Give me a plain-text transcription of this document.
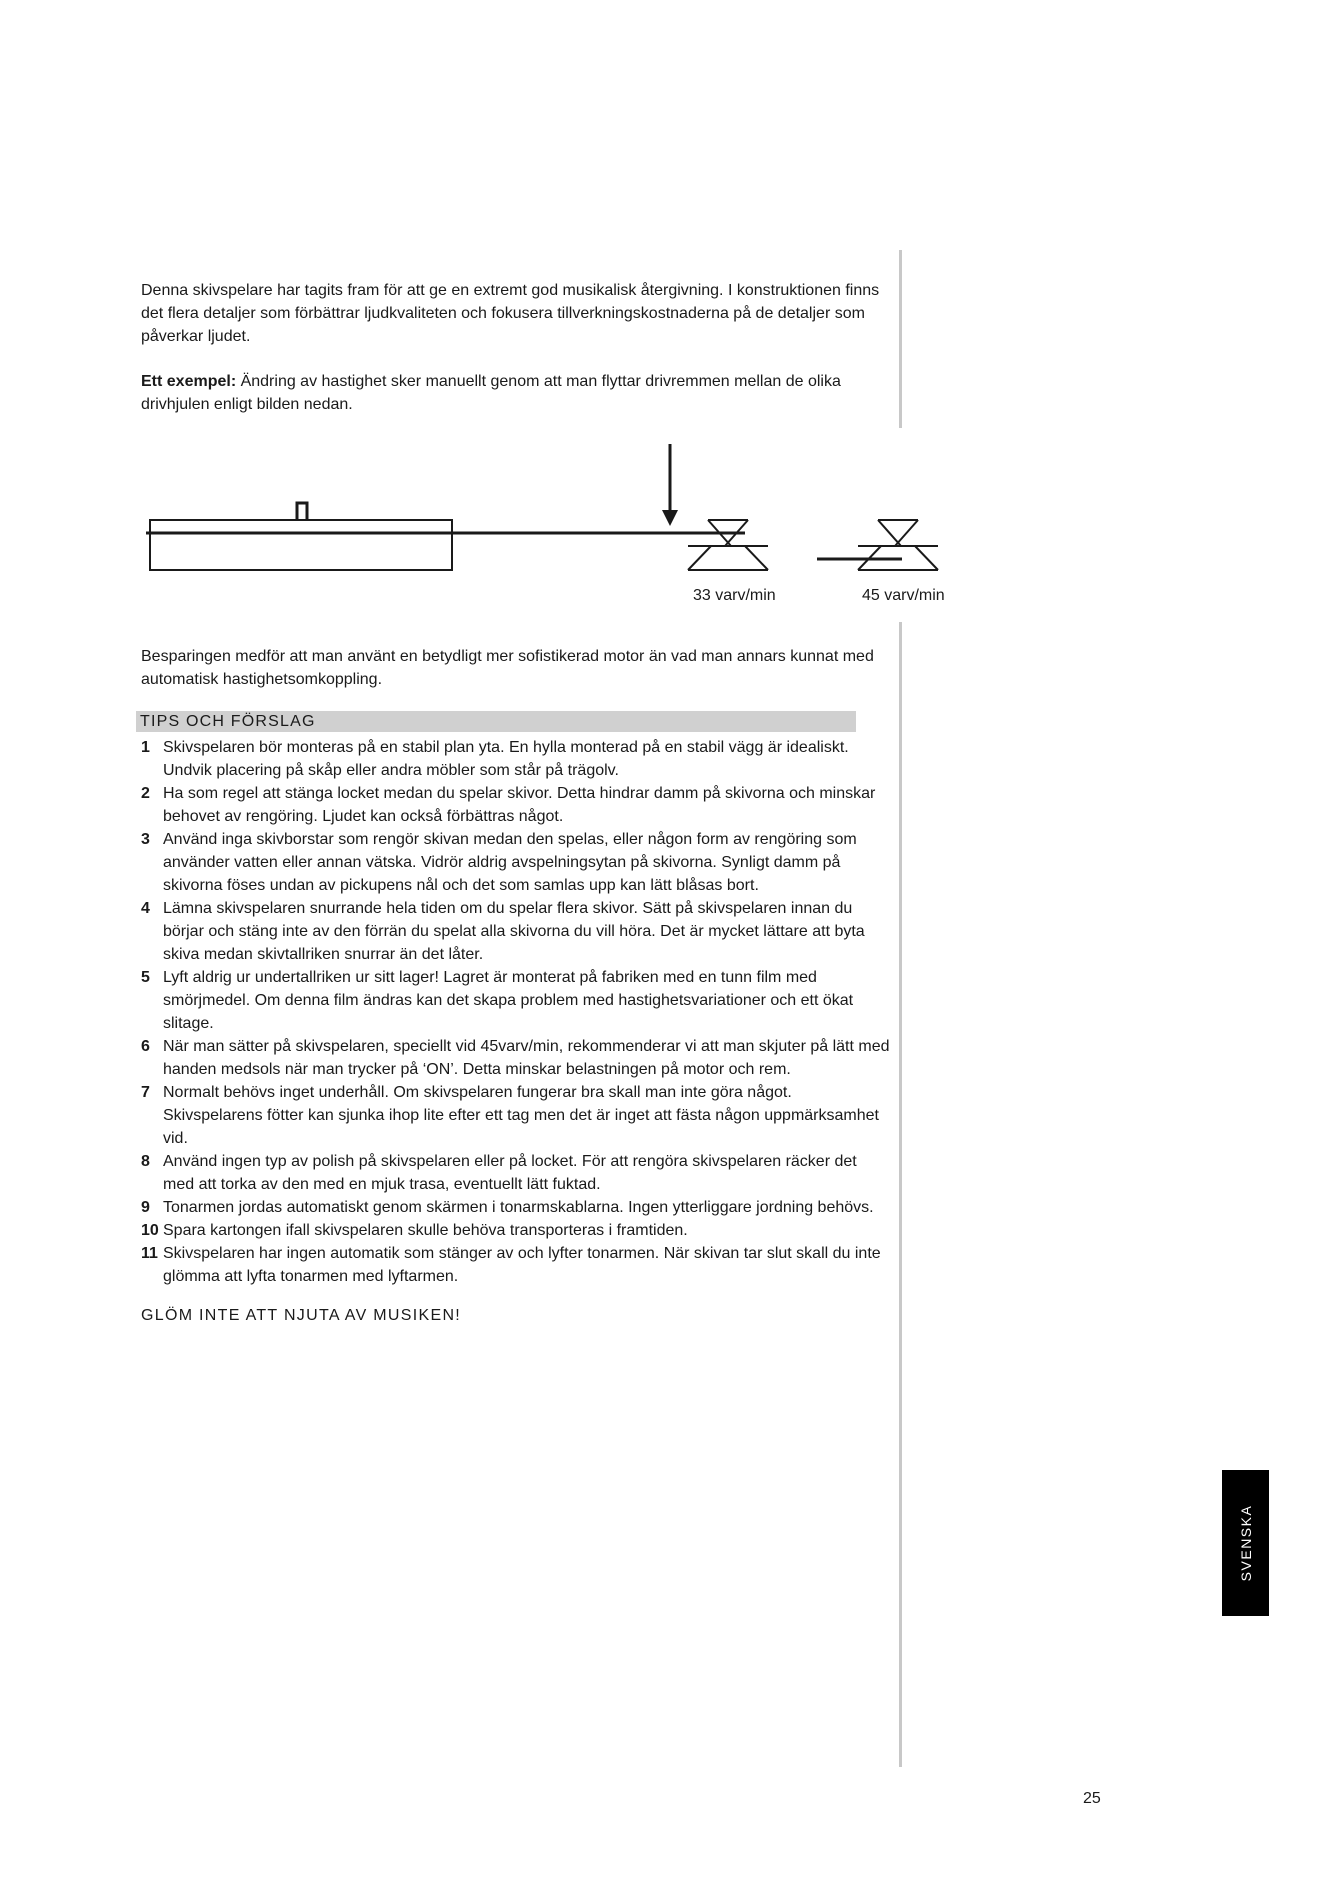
Denna skivspelare har tagits fram för att ge en extremt god musikalisk återgivning. I konstruktionen finns det flera detaljer som förbättrar ljudkvaliteten och fokusera tillverkningskostnaderna på de detaljer som påverkar ljudet.

Ett exempel: Ändring av hastighet sker manuellt genom att man flyttar drivremmen mellan de olika drivhjulen enligt bilden nedan.

33 varv/min	45 varv/min

Besparingen medför att man använt en betydligt mer sofistikerad motor än vad man annars kunnat med automatisk hastighetsomkoppling.

TIPS OCH FÖRSLAG
1 Skivspelaren bör monteras på en stabil plan yta. En hylla monterad på en stabil vägg är idealiskt. Undvik placering på skåp eller andra möbler som står på trägolv.
2 Ha som regel att stänga locket medan du spelar skivor. Detta hindrar damm på skivorna och minskar behovet av rengöring. Ljudet kan också förbättras något.
3 Använd inga skivborstar som rengör skivan medan den spelas, eller någon form av rengöring som använder vatten eller annan vätska. Vidrör aldrig avspelningsytan på skivorna. Synligt damm på skivorna föses undan av pickupens nål och det som samlas upp kan lätt blåsas bort.
4 Lämna skivspelaren snurrande hela tiden om du spelar flera skivor. Sätt på skivspelaren innan du börjar och stäng inte av den förrän du spelat alla skivorna du vill höra. Det är mycket lättare att byta skiva medan skivtallriken snurrar än det låter.
5 Lyft aldrig ur undertallriken ur sitt lager! Lagret är monterat på fabriken med en tunn film med smörjmedel. Om denna film ändras kan det skapa problem med hastighetsvariationer och ett ökat slitage.
6 När man sätter på skivspelaren, speciellt vid 45varv/min, rekommenderar vi att man skjuter på lätt med handen medsols när man trycker på ‘ON’. Detta minskar belastningen på motor och rem.
7 Normalt behövs inget underhåll. Om skivspelaren fungerar bra skall man inte göra något. Skivspelarens fötter kan sjunka ihop lite efter ett tag men det är inget att fästa någon uppmärksamhet vid.
8 Använd ingen typ av polish på skivspelaren eller på locket. För att rengöra skivspelaren räcker det med att torka av den med en mjuk trasa, eventuellt lätt fuktad.
9 Tonarmen jordas automatiskt genom skärmen i tonarmskablarna. Ingen ytterliggare jordning behövs.
10 Spara kartongen ifall skivspelaren skulle behöva transporteras i framtiden.
11 Skivspelaren har ingen automatik som stänger av och lyfter tonarmen. När skivan tar slut skall du inte glömma att lyfta tonarmen med lyftarmen.
GLÖM INTE ATT NJUTA AV MUSIKEN!
SVENSKA
25
